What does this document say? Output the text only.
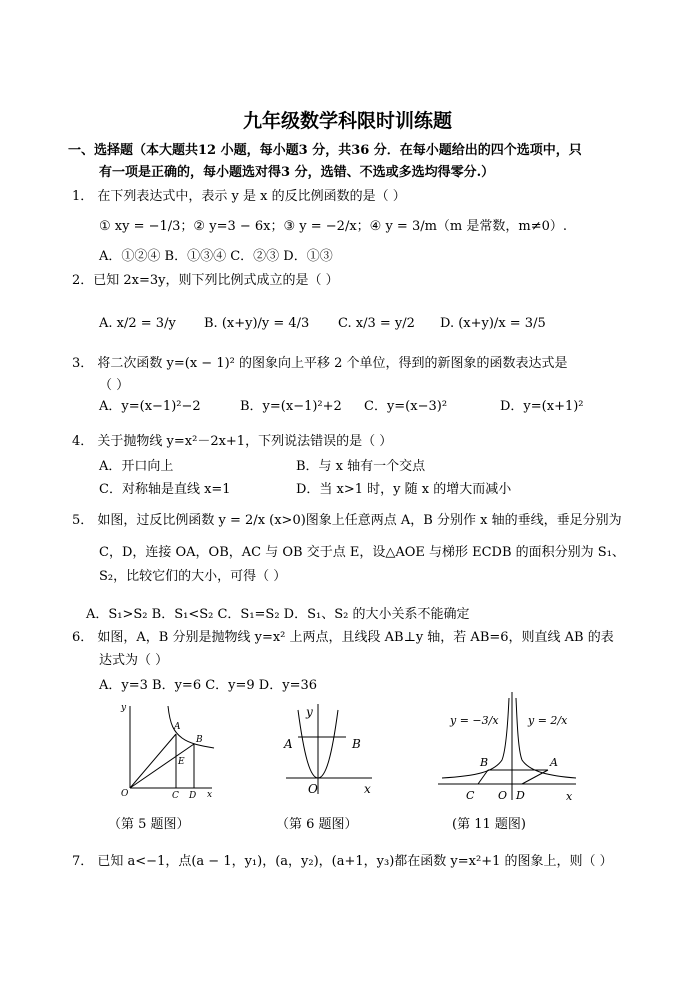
九年级数学科限时训练题
一、选择题（本大题共12 小题，每小题3 分，共36 分．在每小题给出的四个选项中，只
有一项是正确的，每小题选对得3 分，选错、不选或多选均得零分.）
1． 在下列表达式中，表示 y 是 x 的反比例函数的是（ ）
① xy = −1/3；② y=3 − 6x；③ y = −2/x；④ y = 3/m（m 是常数，m≠0）.
A．①②④ B．①③④ C．②③ D．①③
2．已知 2x=3y，则下列比例式成立的是（ ）
A. x/2 = 3/y B. (x+y)/y = 4/3 C. x/3 = y/2 D. (x+y)/x = 3/5
3． 将二次函数 y=(x − 1)² 的图象向上平移 2 个单位，得到的新图象的函数表达式是
（ ）
A．y=(x−1)²−2	B．y=(x−1)²+2 C．y=(x−3)²	D．y=(x+1)²
4． 关于抛物线 y=x²－2x+1，下列说法错误的是（ ）
A．开口向上	B．与 x 轴有一个交点
C．对称轴是直线 x=1	D．当 x>1 时，y 随 x 的增大而减小
5． 如图，过反比例函数 y = 2/x (x>0)图象上任意两点 A，B 分别作 x 轴的垂线，垂足分别为
C，D，连接 OA，OB，AC 与 OB 交于点 E，设△AOE 与梯形 ECDB 的面积分别为 S₁、
S₂，比较它们的大小，可得（ ）
A．S₁>S₂ B．S₁<S₂ C．S₁=S₂ D．S₁、S₂ 的大小关系不能确定
6． 如图，A，B 分别是抛物线 y=x² 上两点，且线段 AB⊥y 轴，若 AB=6，则直线 AB 的表
达式为（ ）
A．y=3 B．y=6 C．y=9 D．y=36
y
A
B
E
O	C D x
y
A	B
O	x
y = −3/x	y = 2/x
B	A
C O D	x
（第 5 题图）	（第 6 题图）	(第 11 题图)
7． 已知 a<−1，点(a − 1，y₁)，(a，y₂)，(a+1，y₃)都在函数 y=x²+1 的图象上，则（ ）
